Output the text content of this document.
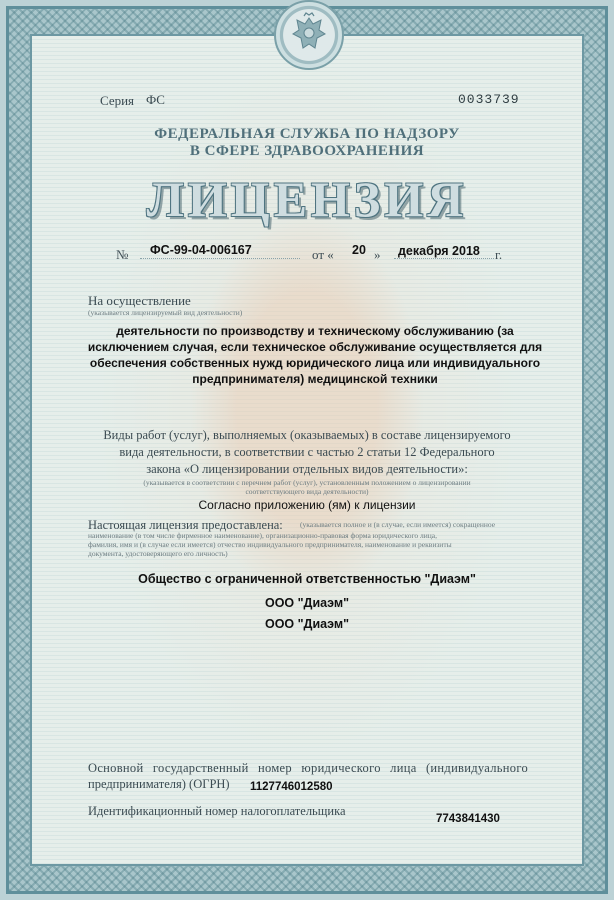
Серия ФС	0033739
ФЕДЕРАЛЬНАЯ СЛУЖБА ПО НАДЗОРУ
В СФЕРЕ ЗДРАВООХРАНЕНИЯ
ЛИЦЕНЗИЯ
№ ФС-99-04-006167	от « 20 » декабря 2018 г.
На осуществление
(указывается лицензируемый вид деятельности)
деятельности по производству и техническому обслуживанию (за
исключением случая, если техническое обслуживание осуществляется для
обеспечения собственных нужд юридического лица или индивидуального
предпринимателя) медицинской техники
Виды работ (услуг), выполняемых (оказываемых) в составе лицензируемого
вида деятельности, в соответствии с частью 2 статьи 12 Федерального
закона «О лицензировании отдельных видов деятельности»:
(указывается в соответствии с перечнем работ (услуг), установленным положением о лицензировании
соответствующего вида деятельности)
Согласно приложению (ям) к лицензии
Настоящая лицензия предоставлена: (указывается полное и (в случае, если имеется) сокращенное
наименование (в том числе фирменное наименование), организационно-правовая форма юридического лица,
фамилия, имя и (в случае если имеется) отчество индивидуального предпринимателя, наименование и реквизиты
документа, удостоверяющего его личность)
Общество с ограниченной ответственностью "Диаэм"
ООО "Диаэм"
ООО "Диаэм"
Основной государственный номер юридического лица (индивидуального
предпринимателя) (ОГРН) 1127746012580
Идентификационный номер налогоплательщика
7743841430
